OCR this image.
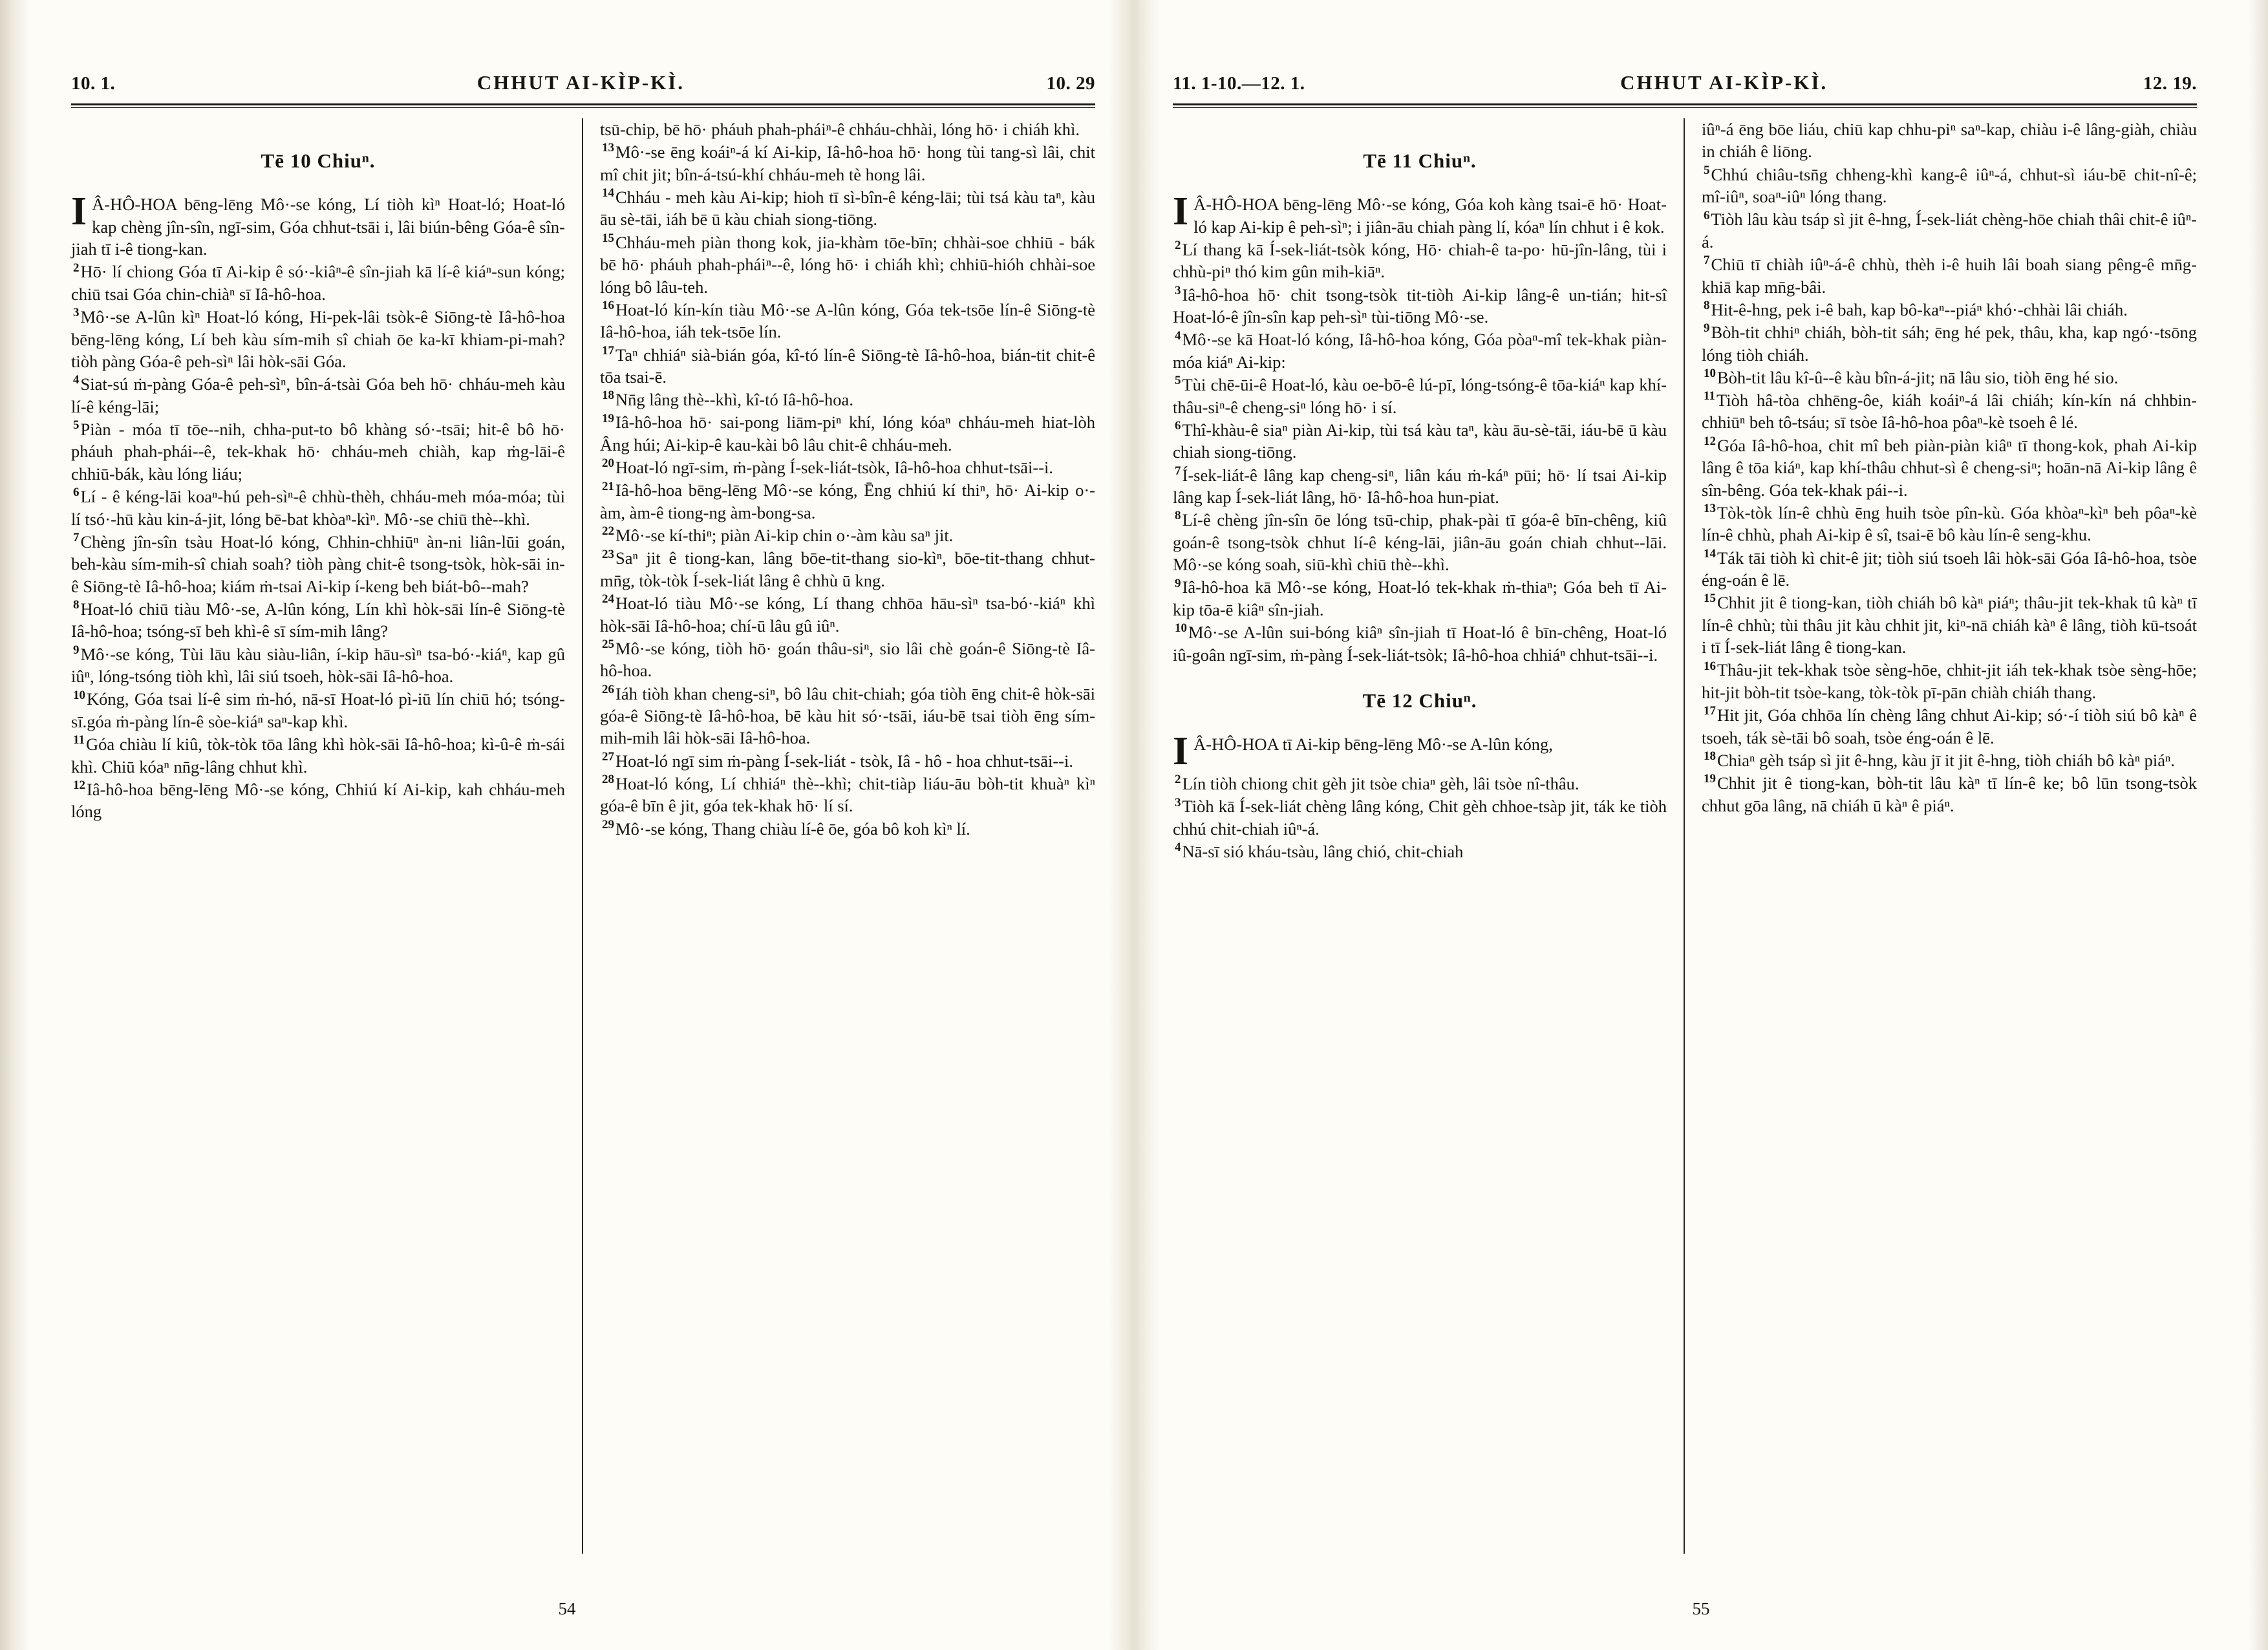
10. 1.	CHHUT AI-KÌP-KÌ.	10. 29
Tē 10 Chiuⁿ.

I Â-HÔ-HOA bēng-lēng Mô·-se kóng, Lí tiòh kìⁿ Hoat-ló; Hoat-ló kap chèng jîn-sîn, ngī-sim, Góa chhut-tsāi i, lâi biún-bêng Góa-ê sîn-jiah tī i-ê tiong-kan.

$^2$Hō· lí chiong Góa tī Ai-kip ê só·-kiâⁿ-ê sîn-jiah kā lí-ê kiáⁿ-sun kóng; chiū tsai Góa chin-chiàⁿ sī Iâ-hô-hoa.

$^3$Mô·-se A-lûn kìⁿ Hoat-ló kóng, Hi-pek-lâi tsòk-ê Siōng-tè Iâ-hô-hoa bēng-lēng kóng, Lí beh kàu sím-mih sî chiah ōe ka-kī khiam-pi-mah? tiòh pàng Góa-ê peh-sìⁿ lâi hòk-sāi Góa.

$^4$Siat-sú ṁ-pàng Góa-ê peh-sìⁿ, bîn-á-tsài Góa beh hō· chháu-meh kàu lí-ê kéng-lāi;

$^5$Piàn - móa tī tōe--nih, chha-put-to bô khàng só·-tsāi; hit-ê bô hō· pháuh phah-phái--ê, tek-khak hō· chháu-meh chiàh, kap ṁg-lāi-ê chhiū-bák, kàu lóng liáu;

$^6$Lí - ê kéng-lāi koaⁿ-hú peh-sìⁿ-ê chhù-thèh, chháu-meh móa-móa; tùi lí tsó·-hū kàu kin-á-jit, lóng bē-bat khòaⁿ-kìⁿ. Mô·-se chiū thè--khì.

$^7$Chèng jîn-sîn tsàu Hoat-ló kóng, Chhin-chhiūⁿ àn-ni liân-lūi goán, beh-kàu sím-mih-sî chiah soah? tiòh pàng chit-ê tsong-tsòk, hòk-sāi in-ê Siōng-tè Iâ-hô-hoa; kiám ṁ-tsai Ai-kip í-keng beh biát-bô--mah?

$^8$Hoat-ló chiū tiàu Mô·-se, A-lûn kóng, Lín khì hòk-sāi lín-ê Siōng-tè Iâ-hô-hoa; tsóng-sī beh khì-ê sī sím-mih lâng?

$^9$Mô·-se kóng, Tùi lāu kàu siàu-liân, í-kip hāu-sìⁿ tsa-bó·-kiáⁿ, kap gû iûⁿ, lóng-tsóng tiòh khì, lâi siú tsoeh, hòk-sāi Iâ-hô-hoa.

$^{10}$Kóng, Góa tsai lí-ê sim ṁ-hó, nā-sī Hoat-ló pì-iū lín chiū hó; tsóng-sī.góa ṁ-pàng lín-ê sòe-kiáⁿ saⁿ-kap khì.

$^{11}$Góa chiàu lí kiû, tòk-tòk tōa lâng khì hòk-sāi Iâ-hô-hoa; kì-û-ê ṁ-sái khì. Chiū kóaⁿ nn̄g-lâng chhut khì.

$^{12}$Iâ-hô-hoa bēng-lēng Mô·-se kóng, Chhiú kí Ai-kip, kah chháu-meh lóng

tsū-chip, bē hō· pháuh phah-pháiⁿ-ê chháu-chhài, lóng hō· i chiáh khì.

$^{13}$Mô·-se ēng koáiⁿ-á kí Ai-kip, Iâ-hô-hoa hō· hong tùi tang-sì lâi, chit mî chit jit; bîn-á-tsú-khí chháu-meh tè hong lâi.

$^{14}$Chháu - meh kàu Ai-kip; hioh tī sì-bîn-ê kéng-lāi; tùi tsá kàu taⁿ, kàu āu sè-tāi, iáh bē ū kàu chiah siong-tiōng.

$^{15}$Chháu-meh piàn thong kok, jia-khàm tōe-bīn; chhài-soe chhiū - bák bē hō· pháuh phah-pháiⁿ--ê, lóng hō· i chiáh khì; chhiū-hióh chhài-soe lóng bô lâu-teh.

$^{16}$Hoat-ló kín-kín tiàu Mô·-se A-lûn kóng, Góa tek-tsōe lín-ê Siōng-tè Iâ-hô-hoa, iáh tek-tsōe lín.

$^{17}$Taⁿ chhiáⁿ sià-bián góa, kî-tó lín-ê Siōng-tè Iâ-hô-hoa, bián-tit chit-ê tōa tsai-ē.

$^{18}$Nn̄g lâng thè--khì, kî-tó Iâ-hô-hoa.

$^{19}$Iâ-hô-hoa hō· sai-pong liām-piⁿ khí, lóng kóaⁿ chháu-meh hiat-lòh Âng húi; Ai-kip-ê kau-kài bô lâu chit-ê chháu-meh.

$^{20}$Hoat-ló ngī-sim, ṁ-pàng Í-sek-liát-tsòk, Iâ-hô-hoa chhut-tsāi--i.

$^{21}$Iâ-hô-hoa bēng-lēng Mô·-se kóng, Ēng chhiú kí thiⁿ, hō· Ai-kip o·-àm, àm-ê tiong-ng àm-bong-sa.

$^{22}$Mô·-se kí-thiⁿ; piàn Ai-kip chin o·-àm kàu saⁿ jit.

$^{23}$Saⁿ jit ê tiong-kan, lâng bōe-tit-thang sio-kìⁿ, bōe-tit-thang chhut-mn̄g, tòk-tòk Í-sek-liát lâng ê chhù ū kng.

$^{24}$Hoat-ló tiàu Mô·-se kóng, Lí thang chhōa hāu-sìⁿ tsa-bó·-kiáⁿ khì hòk-sāi Iâ-hô-hoa; chí-ū lâu gû iûⁿ.

$^{25}$Mô·-se kóng, tiòh hō· goán thâu-siⁿ, sio lâi chè goán-ê Siōng-tè Iâ-hô-hoa.

$^{26}$Iáh tiòh khan cheng-siⁿ, bô lâu chit-chiah; góa tiòh ēng chit-ê hòk-sāi góa-ê Siōng-tè Iâ-hô-hoa, bē kàu hit só·-tsāi, iáu-bē tsai tiòh ēng sím-mih-mih lâi hòk-sāi Iâ-hô-hoa.

$^{27}$Hoat-ló ngī sim ṁ-pàng Í-sek-liát - tsòk, Iâ - hô - hoa chhut-tsāi--i.

$^{28}$Hoat-ló kóng, Lí chhiáⁿ thè--khì; chit-tiàp liáu-āu bòh-tit khuàⁿ kìⁿ góa-ê bīn ê jit, góa tek-khak hō· lí sí.

$^{29}$Mô·-se kóng, Thang chiàu lí-ê ōe, góa bô koh kìⁿ lí.

54
11. 1-10.—12. 1.	CHHUT AI-KÌP-KÌ.	12. 19.
Tē 11 Chiuⁿ.

I Â-HÔ-HOA bēng-lēng Mô·-se kóng, Góa koh kàng tsai-ē hō· Hoat-ló kap Ai-kip ê peh-sìⁿ; i jiân-āu chiah pàng lí, kóaⁿ lín chhut i ê kok.

$^2$Lí thang kā Í-sek-liát-tsòk kóng, Hō· chiah-ê ta-po· hū-jîn-lâng, tùi i chhù-piⁿ thó kim gûn mih-kiāⁿ.

$^3$Iâ-hô-hoa hō· chit tsong-tsòk tit-tiòh Ai-kip lâng-ê un-tián; hit-sî Hoat-ló-ê jîn-sîn kap peh-sìⁿ tùi-tiōng Mô·-se.

$^4$Mô·-se kā Hoat-ló kóng, Iâ-hô-hoa kóng, Góa pòaⁿ-mî tek-khak piàn-móa kiáⁿ Ai-kip:

$^5$Tùi chē-ūi-ê Hoat-ló, kàu oe-bō-ê lú-pī, lóng-tsóng-ê tōa-kiáⁿ kap khí-thâu-siⁿ-ê cheng-siⁿ lóng hō· i sí.

$^6$Thî-khàu-ê siaⁿ piàn Ai-kip, tùi tsá kàu taⁿ, kàu āu-sè-tāi, iáu-bē ū kàu chiah siong-tiōng.

$^7$Í-sek-liát-ê lâng kap cheng-siⁿ, liân káu ṁ-káⁿ pūi; hō· lí tsai Ai-kip lâng kap Í-sek-liát lâng, hō· Iâ-hô-hoa hun-piat.

$^8$Lí-ê chèng jîn-sîn ōe lóng tsū-chip, phak-pài tī góa-ê bīn-chêng, kiû goán-ê tsong-tsòk chhut lí-ê kéng-lāi, jiân-āu goán chiah chhut--lāi. Mô·-se kóng soah, siū-khì chiū thè--khì.

$^9$Iâ-hô-hoa kā Mô·-se kóng, Hoat-ló tek-khak ṁ-thiaⁿ; Góa beh tī Ai-kip tōa-ē kiâⁿ sîn-jiah.

$^{10}$Mô·-se A-lûn sui-bóng kiâⁿ sîn-jiah tī Hoat-ló ê bīn-chêng, Hoat-ló iû-goân ngī-sim, ṁ-pàng Í-sek-liát-tsòk; Iâ-hô-hoa chhiáⁿ chhut-tsāi--i.

Tē 12 Chiuⁿ.

I Â-HÔ-HOA tī Ai-kip bēng-lēng Mô·-se A-lûn kóng,

$^2$Lín tiòh chiong chit gèh jit tsòe chiaⁿ gèh, lâi tsòe nî-thâu.

$^3$Tiòh kā Í-sek-liát chèng lâng kóng, Chit gèh chhoe-tsàp jit, ták ke tiòh chhú chit-chiah iûⁿ-á.

$^4$Nā-sī sió kháu-tsàu, lâng chió, chit-chiah

iûⁿ-á ēng bōe liáu, chiū kap chhu-piⁿ saⁿ-kap, chiàu i-ê lâng-giàh, chiàu in chiáh ê liōng.

$^5$Chhú chiâu-tsn̄g chheng-khì kang-ê iûⁿ-á, chhut-sì iáu-bē chit-nî-ê; mî-iûⁿ, soaⁿ-iûⁿ lóng thang.

$^6$Tiòh lâu kàu tsáp sì jit ê-hng, Í-sek-liát chèng-hōe chiah thâi chit-ê iûⁿ-á.

$^7$Chiū tī chiàh iûⁿ-á-ê chhù, thèh i-ê huih lâi boah siang pêng-ê mn̄g-khiā kap mn̄g-bâi.

$^8$Hit-ê-hng, pek i-ê bah, kap bô-kaⁿ--piáⁿ khó·-chhài lâi chiáh.

$^9$Bòh-tit chhiⁿ chiáh, bòh-tit sáh; ēng hé pek, thâu, kha, kap ngó·-tsōng lóng tiòh chiáh.

$^{10}$Bòh-tit lâu kî-û--ê kàu bîn-á-jit; nā lâu sio, tiòh ēng hé sio.

$^{11}$Tiòh hâ-tòa chhēng-ôe, kiáh koáiⁿ-á lâi chiáh; kín-kín ná chhbin-chhiūⁿ beh tô-tsáu; sī tsòe Iâ-hô-hoa pôaⁿ-kè tsoeh ê lé.

$^{12}$Góa Iâ-hô-hoa, chit mî beh piàn-piàn kiâⁿ tī thong-kok, phah Ai-kip lâng ê tōa kiáⁿ, kap khí-thâu chhut-sì ê cheng-siⁿ; hoān-nā Ai-kip lâng ê sîn-bêng. Góa tek-khak pái--i.

$^{13}$Tòk-tòk lín-ê chhù ēng huih tsòe pîn-kù. Góa khòaⁿ-kìⁿ beh pôaⁿ-kè lín-ê chhù, phah Ai-kip ê sî, tsai-ē bô kàu lín-ê seng-khu.

$^{14}$Ták tāi tiòh kì chit-ê jit; tiòh siú tsoeh lâi hòk-sāi Góa Iâ-hô-hoa, tsòe éng-oán ê lē.

$^{15}$Chhit jit ê tiong-kan, tiòh chiáh bô kàⁿ piáⁿ; thâu-jit tek-khak tû kàⁿ tī lín-ê chhù; tùi thâu jit kàu chhit jit, kiⁿ-nā chiáh kàⁿ ê lâng, tiòh kū-tsoát i tī Í-sek-liát lâng ê tiong-kan.

$^{16}$Thâu-jit tek-khak tsòe sèng-hōe, chhit-jit iáh tek-khak tsòe sèng-hōe; hit-jit bòh-tit tsòe-kang, tòk-tòk pī-pān chiàh chiáh thang.

$^{17}$Hit jit, Góa chhōa lín chèng lâng chhut Ai-kip; só·-í tiòh siú bô kàⁿ ê tsoeh, ták sè-tāi bô soah, tsòe éng-oán ê lē.

$^{18}$Chiaⁿ gèh tsáp sì jit ê-hng, kàu jī it jit ê-hng, tiòh chiáh bô kàⁿ piáⁿ.

$^{19}$Chhit jit ê tiong-kan, bòh-tit lâu kàⁿ tī lín-ê ke; bô lūn tsong-tsòk chhut gōa lâng, nā chiáh ū kàⁿ ê piáⁿ.

55
